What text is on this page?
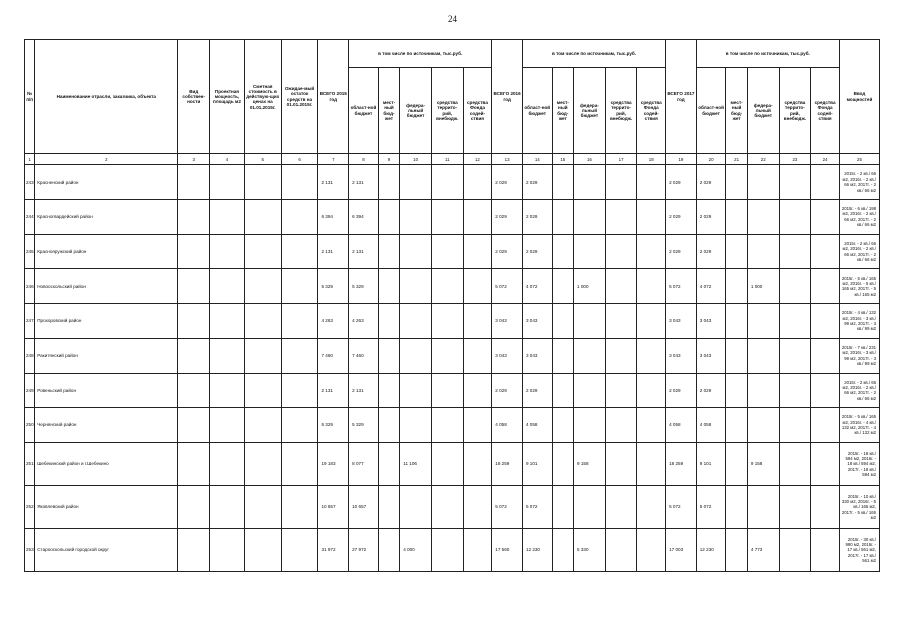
24
№ п/п	Наименование отрасли, заказчика, объекта	Вид собствен-ности	Проектная мощность, площадь м2	Сметная стоимость в действую-щих ценах на 01.01.2015г.	Ожидае-мый остаток средств на 01.01.2015г.	ВСЕГО 2015 год	в том числе по источникам, тыс.руб.					ВСЕГО 2016 год	в том числе по источникам, тыс.руб.					ВСЕГО 2017 год	в том числе по источникам, тыс.руб.					Ввод мощностей
							област-ной бюджет	мест-ный бюд-жет	федера-льный бюджет	средства террито-рий, внебюдж.	средства Фонда содей-ствия		област-ной бюджет	мест-ный бюд-жет	федера-льный бюджет	средства террито-рий, внебюдж.	средства Фонда содей-ствия		област-ной бюджет	мест-ный бюд-жет	федера-льный бюджет	средства террито-рий, внебюдж.	средства Фонда содей-ствия	
1	2	3	4	5	6	7	8	9	10	11	12	13	14	15	16	17	18	19	20	21	22	23	24	25
243	Красненский район					2 131	2 131					2 029	2 029					2 029	2 029					2015г. - 2 кв./ 66 м2, 2016г. - 2 кв./ 66 м2, 2017г. - 2 кв./ 66 м2
244	Красногвардейский район					6 394	6 394					2 029	2 029					2 029	2 029					2015г. - 6 кв./ 198 м2, 2016г. - 2 кв./ 66 м2, 2017г. - 2 кв./ 66 м2
245	Краснояружский район					2 131	2 131					2 029	2 029					2 029	2 029					2015г. - 2 кв./ 66 м2, 2016г. - 2 кв./ 66 м2, 2017г. - 2 кв./ 66 м2
246	Новооскольский район					5 329	5 329					5 072	4 072		1 000			5 072	4 072		1 000			2015г. - 5 кв./ 165 м2, 2016г. - 5 кв./ 165 м2, 2017г. - 5 кв./ 165 м2
247	Прохоровский район					4 263	4 263					3 043	3 043					3 043	3 043					2015г. - 4 кв./ 132 м2, 2016г. - 3 кв./ 99 м2, 2017г. - 3 кв./ 99 м2
248	Ракитянский район					7 460	7 460					3 043	3 043					3 043	3 043					2015г. - 7 кв./ 231 м2, 2016г. - 3 кв./ 99 м2, 2017г. - 3 кв./ 99 м2
249	Ровеньский район					2 131	2 131					2 029	2 029					2 029	2 029					2015г. - 2 кв./ 66 м2, 2016г. - 2 кв./ 66 м2, 2017г. - 2 кв./ 66 м2
250	Чернянский район					5 329	5 329					4 058	4 058					4 058	4 058					2015г. - 5 кв./ 165 м2, 2016г. - 4 кв./ 132 м2, 2017г. - 4 кв./ 132 м2
251	Шебекинский район и г.Шебекино					19 183	8 077		11 106			18 259	9 101		9 158			18 259	9 101		9 158			2015г. - 18 кв./ 594 м2, 2016г. - 18 кв./ 594 м2, 2017г. - 18 кв./ 594 м2
252	Яковлевский район					10 657	10 657					5 072	5 072					5 072	5 072					2015г. - 10 кв./ 330 м2, 2016г. - 5 кв./ 165 м2, 2017г. - 5 кв./ 165 м2
253	Старооскольский городской округ					31 972	27 972		4 000			17 560	12 230		5 330			17 003	12 230		4 773			2015г. - 30 кв./ 990 м2, 2016г. - 17 кв./ 561 м2, 2017г. - 17 кв./ 561 м2
